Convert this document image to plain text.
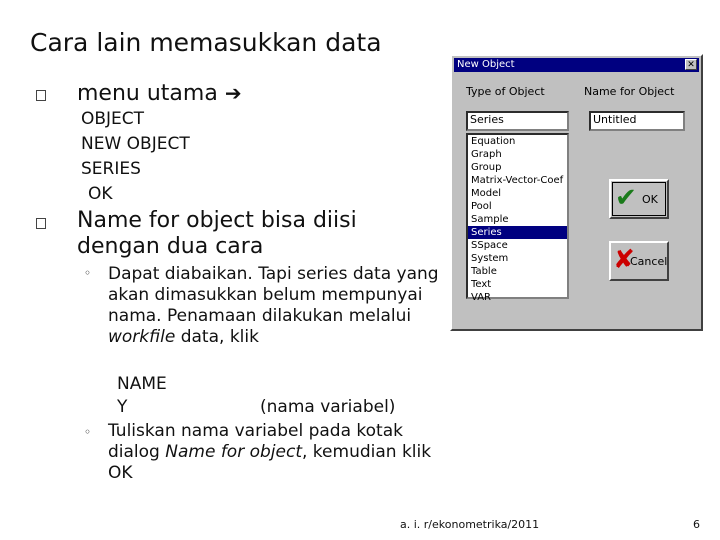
Cara lain memasukkan data
menu utama ➔
OBJECT
NEW OBJECT
SERIES
OK
Name for object bisa diisi
dengan dua cara
◦ Dapat diabaikan. Tapi series data yang akan dimasukkan belum mempunyai nama. Penamaan dilakukan melalui workfile data, klik
NAME
Y	(nama variabel)
◦ Tuliskan nama variabel pada kotak dialog Name for object, kemudian klik OK
a. i. r/ekonometrika/2011	6
New Object	✕
Type of Object	Name for Object
Series	Untitled
Equation
Graph
Group
Matrix-Vector-Coef
Model
Pool
Sample
Series
SSpace
System
Table
Text
VAR
✔ OK
✘
Cancel
